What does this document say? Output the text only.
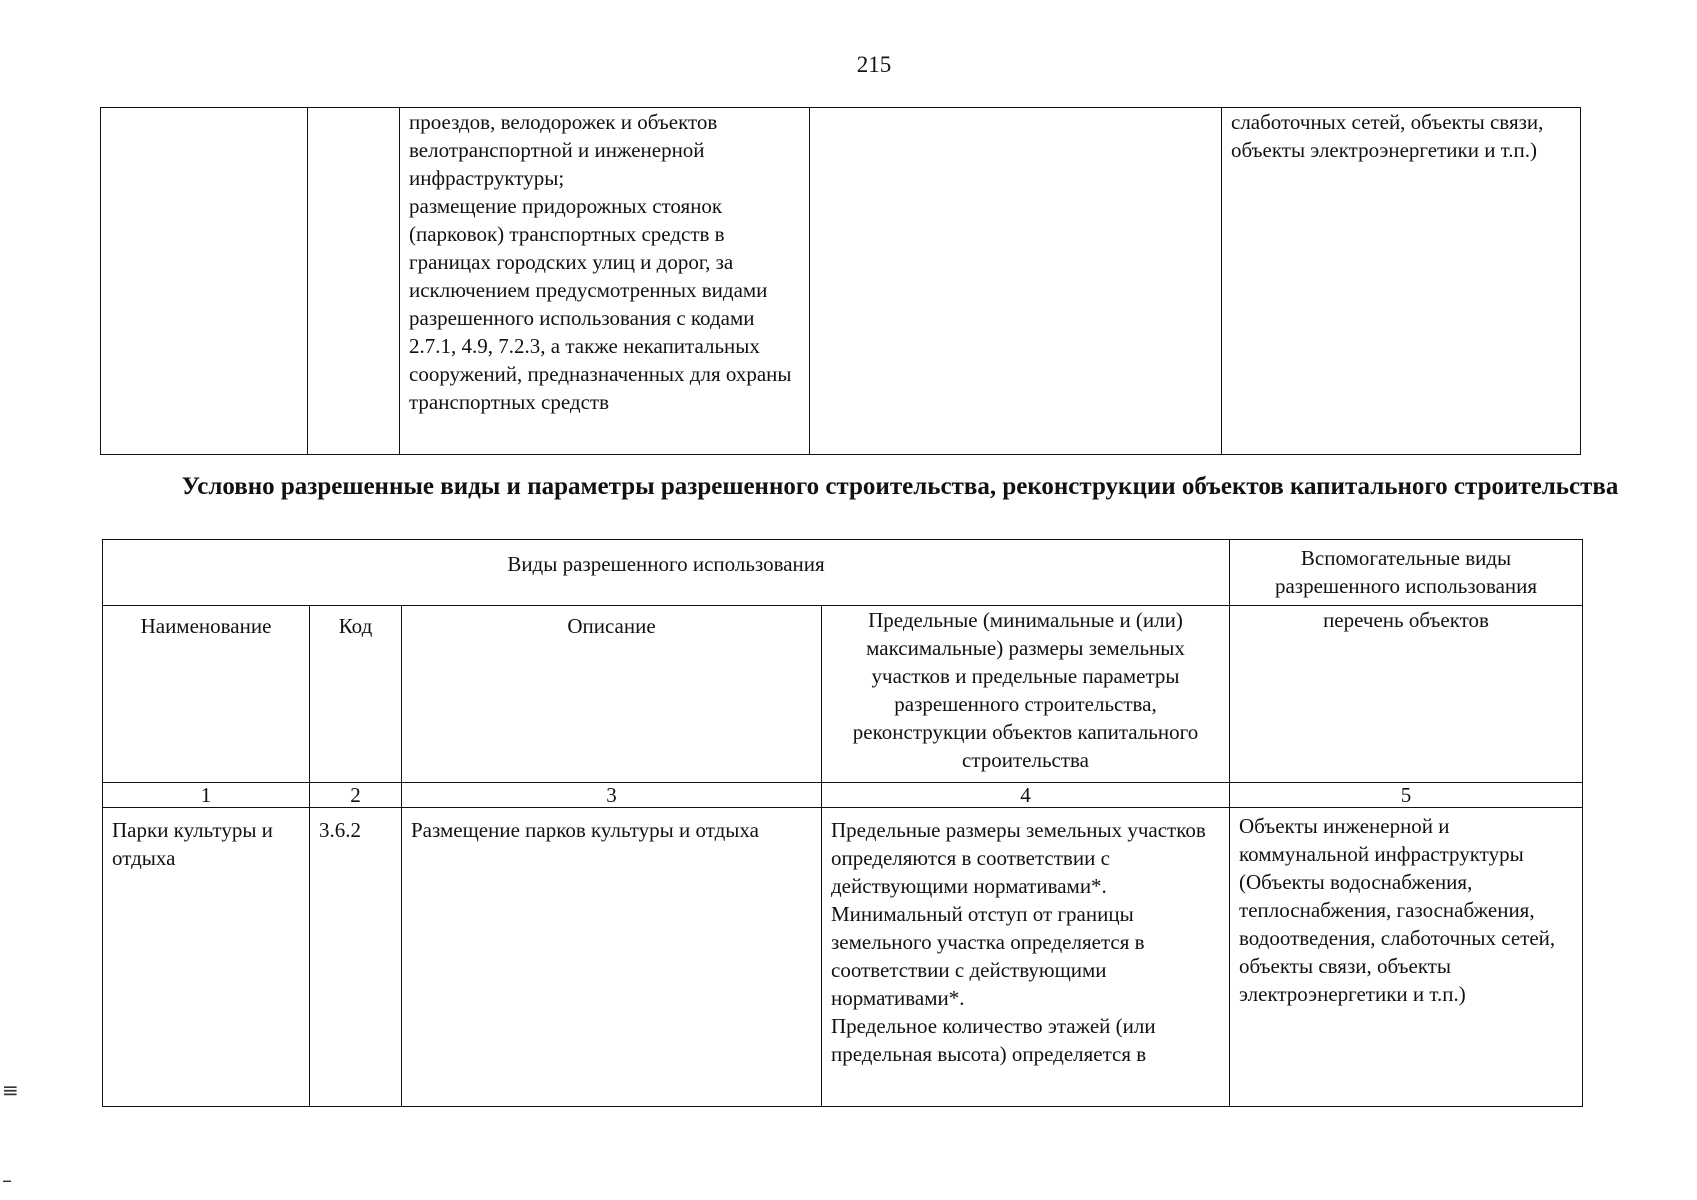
215
		проездов, велодорожек и объектов велотранспортной и инженерной инфраструктуры;
размещение придорожных стоянок (парковок) транспортных средств в границах городских улиц и дорог, за исключением предусмотренных видами разрешенного использования с кодами 2.7.1, 4.9, 7.2.3, а также некапитальных сооружений, предназначенных для охраны транспортных средств		слаботочных сетей, объекты связи, объекты электроэнергетики и т.п.)
Условно разрешенные виды и параметры разрешенного строительства, реконструкции объектов капитального строительства
Виды разрешенного использования				Вспомогательные виды разрешенного использования
Наименование	Код	Описание	Предельные (минимальные и (или) максимальные) размеры земельных участков и предельные параметры разрешенного строительства, реконструкции объектов капитального строительства	перечень объектов
1	2	3	4	5
Парки культуры и отдыха	3.6.2	Размещение парков культуры и отдыха	Предельные размеры земельных участков определяются в соответствии с действующими нормативами*.
Минимальный отступ от границы земельного участка определяется в соответствии с действующими нормативами*.
Предельное количество этажей (или предельная высота) определяется в	Объекты инженерной и коммунальной инфраструктуры (Объекты водоснабжения, теплоснабжения, газоснабжения, водоотведения, слаботочных сетей, объекты связи, объекты электроэнергетики и т.п.)
≡
–
